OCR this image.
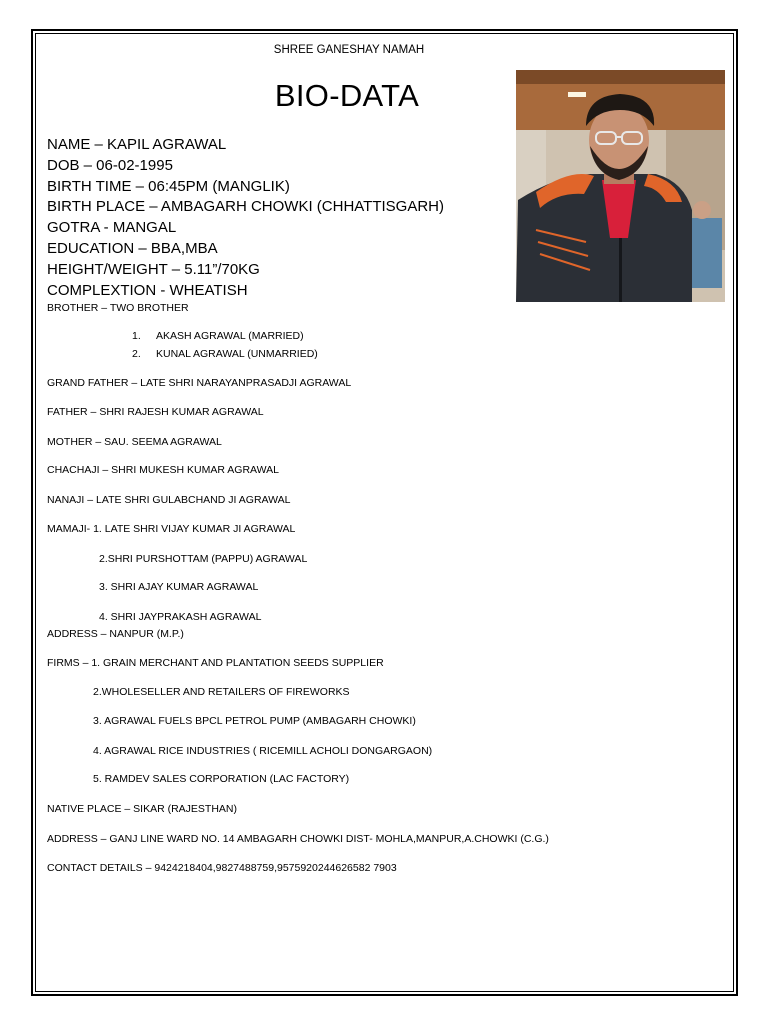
SHREE GANESHAY NAMAH
BIO-DATA
NAME – KAPIL AGRAWAL
DOB – 06-02-1995
BIRTH TIME – 06:45PM (MANGLIK)
BIRTH PLACE – AMBAGARH CHOWKI (CHHATTISGARH)
GOTRA - MANGAL
EDUCATION – BBA,MBA
HEIGHT/WEIGHT – 5.11”/70KG
COMPLEXTION - WHEATISH
BROTHER – TWO BROTHER
1. AKASH AGRAWAL (MARRIED)
2. KUNAL AGRAWAL (UNMARRIED)
GRAND FATHER – LATE SHRI NARAYANPRASADJI AGRAWAL
FATHER – SHRI RAJESH KUMAR AGRAWAL
MOTHER – SAU. SEEMA AGRAWAL
CHACHAJI – SHRI MUKESH KUMAR AGRAWAL
NANAJI – LATE SHRI GULABCHAND JI AGRAWAL
MAMAJI- 1. LATE SHRI VIJAY KUMAR JI AGRAWAL
2.SHRI PURSHOTTAM (PAPPU) AGRAWAL
3. SHRI AJAY KUMAR AGRAWAL
4. SHRI JAYPRAKASH AGRAWAL
ADDRESS – NANPUR (M.P.)
FIRMS – 1. GRAIN MERCHANT AND PLANTATION SEEDS SUPPLIER
2.WHOLESELLER AND RETAILERS OF FIREWORKS
3. AGRAWAL FUELS BPCL PETROL PUMP (AMBAGARH CHOWKI)
4. AGRAWAL RICE INDUSTRIES ( RICEMILL ACHOLI DONGARGAON)
5. RAMDEV SALES CORPORATION (LAC FACTORY)
NATIVE PLACE – SIKAR (RAJESTHAN)
ADDRESS – GANJ LINE WARD NO. 14 AMBAGARH CHOWKI DIST- MOHLA,MANPUR,A.CHOWKI (C.G.)
CONTACT DETAILS – 9424218404,9827488759,9575920244626582 7903
